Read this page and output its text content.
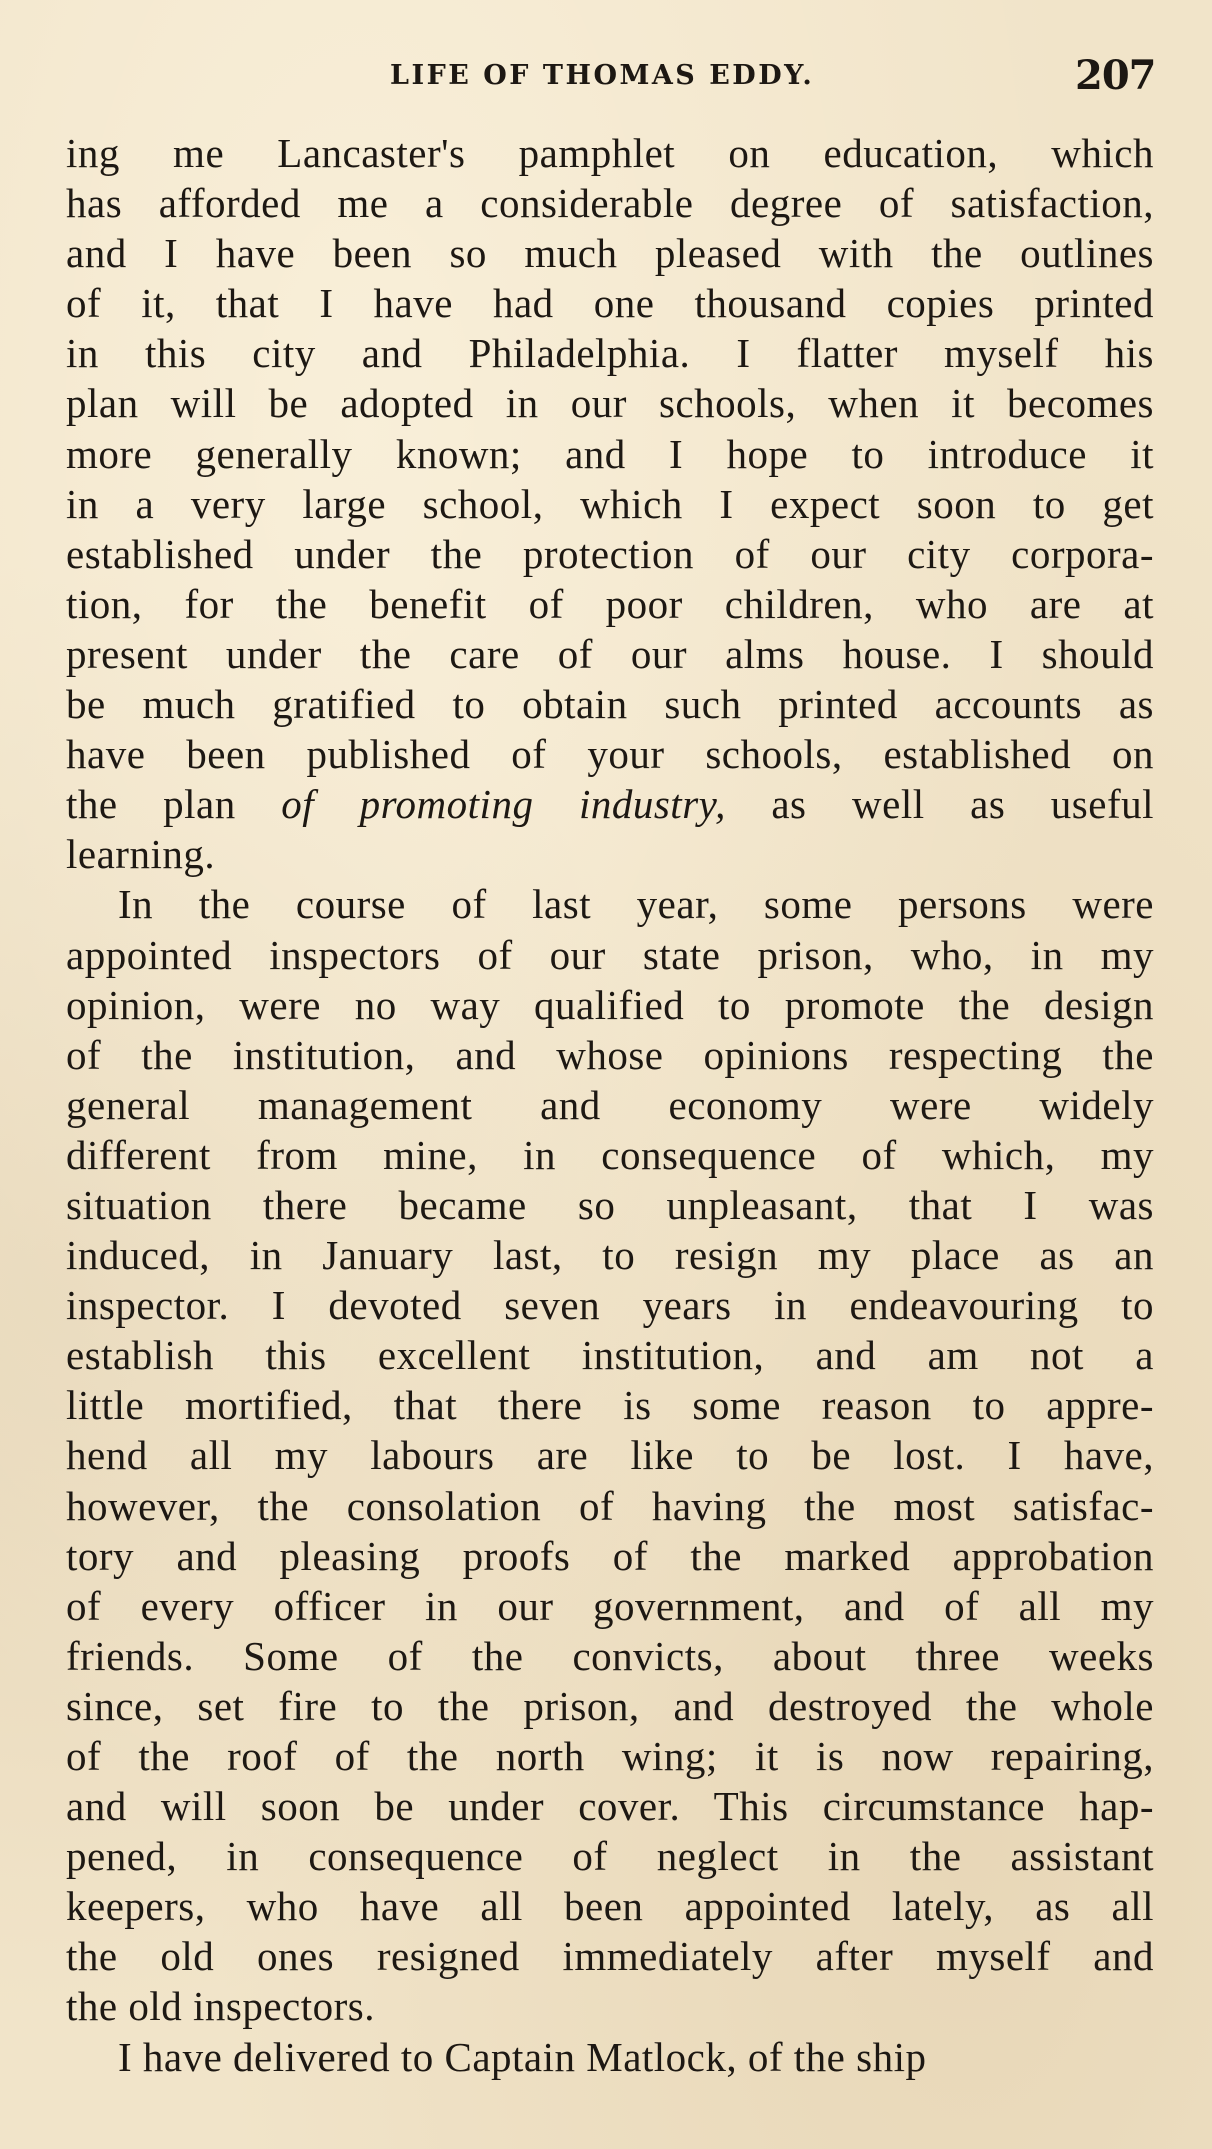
LIFE OF THOMAS EDDY.	207
ing me Lancaster's pamphlet on education, which
has afforded me a considerable degree of satisfaction,
and I have been so much pleased with the outlines
of it, that I have had one thousand copies printed
in this city and Philadelphia. I flatter myself his
plan will be adopted in our schools, when it becomes
more generally known; and I hope to introduce it
in a very large school, which I expect soon to get
established under the protection of our city corpora-
tion, for the benefit of poor children, who are at
present under the care of our alms house. I should
be much gratified to obtain such printed accounts as
have been published of your schools, established on
the plan of promoting industry, as well as useful
learning.
In the course of last year, some persons were
appointed inspectors of our state prison, who, in my
opinion, were no way qualified to promote the design
of the institution, and whose opinions respecting the
general management and economy were widely
different from mine, in consequence of which, my
situation there became so unpleasant, that I was
induced, in January last, to resign my place as an
inspector. I devoted seven years in endeavouring to
establish this excellent institution, and am not a
little mortified, that there is some reason to appre-
hend all my labours are like to be lost. I have,
however, the consolation of having the most satisfac-
tory and pleasing proofs of the marked approbation
of every officer in our government, and of all my
friends. Some of the convicts, about three weeks
since, set fire to the prison, and destroyed the whole
of the roof of the north wing; it is now repairing,
and will soon be under cover. This circumstance hap-
pened, in consequence of neglect in the assistant
keepers, who have all been appointed lately, as all
the old ones resigned immediately after myself and
the old inspectors.
I have delivered to Captain Matlock, of the ship
